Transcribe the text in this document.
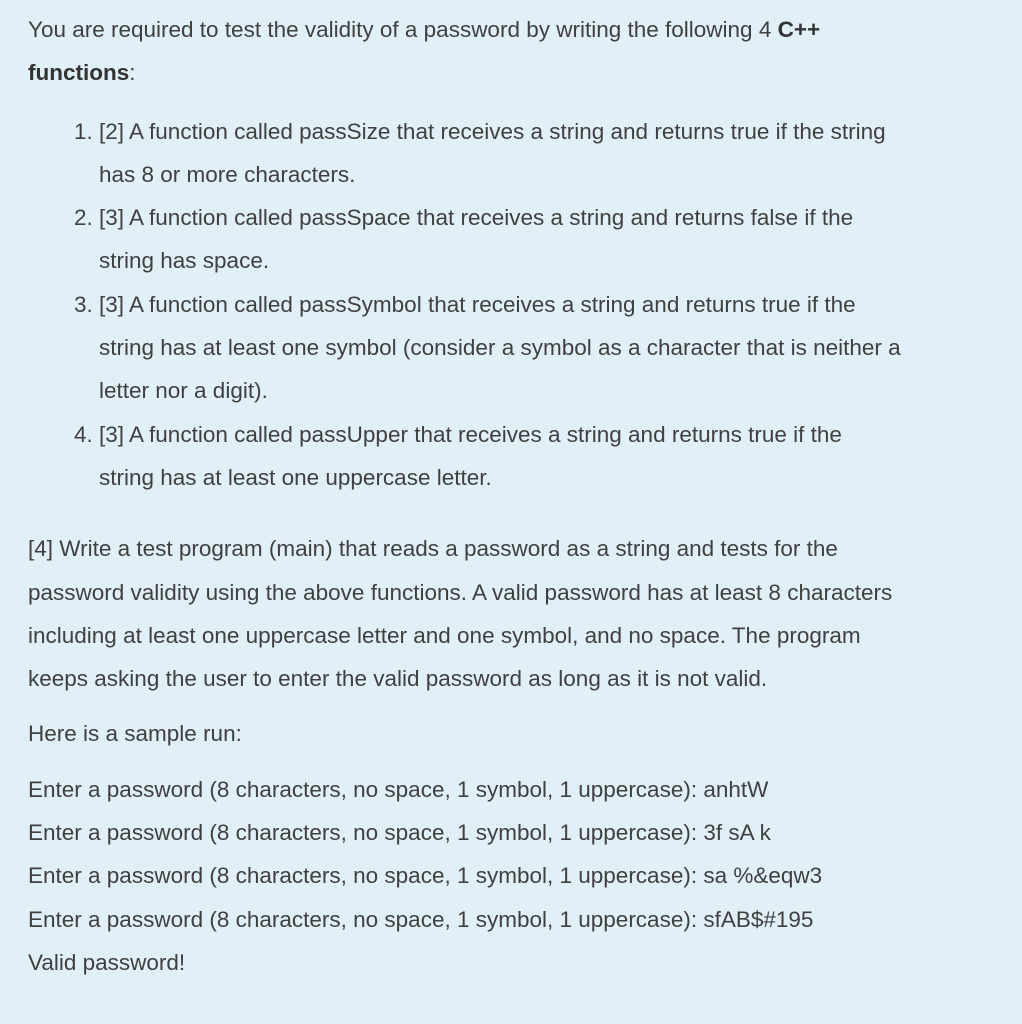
You are required to test the validity of a password by writing the following 4 C++
functions:
1. [2] A function called passSize that receives a string and returns true if the string
has 8 or more characters.
2. [3] A function called passSpace that receives a string and returns false if the
string has space.
3. [3] A function called passSymbol that receives a string and returns true if the
string has at least one symbol (consider a symbol as a character that is neither a
letter nor a digit).
4. [3] A function called passUpper that receives a string and returns true if the
string has at least one uppercase letter.
[4] Write a test program (main) that reads a password as a string and tests for the
password validity using the above functions. A valid password has at least 8 characters
including at least one uppercase letter and one symbol, and no space. The program
keeps asking the user to enter the valid password as long as it is not valid.
Here is a sample run:
Enter a password (8 characters, no space, 1 symbol, 1 uppercase): anhtW
Enter a password (8 characters, no space, 1 symbol, 1 uppercase): 3f sA k
Enter a password (8 characters, no space, 1 symbol, 1 uppercase): sa %&eqw3
Enter a password (8 characters, no space, 1 symbol, 1 uppercase): sfAB$#195
Valid password!
